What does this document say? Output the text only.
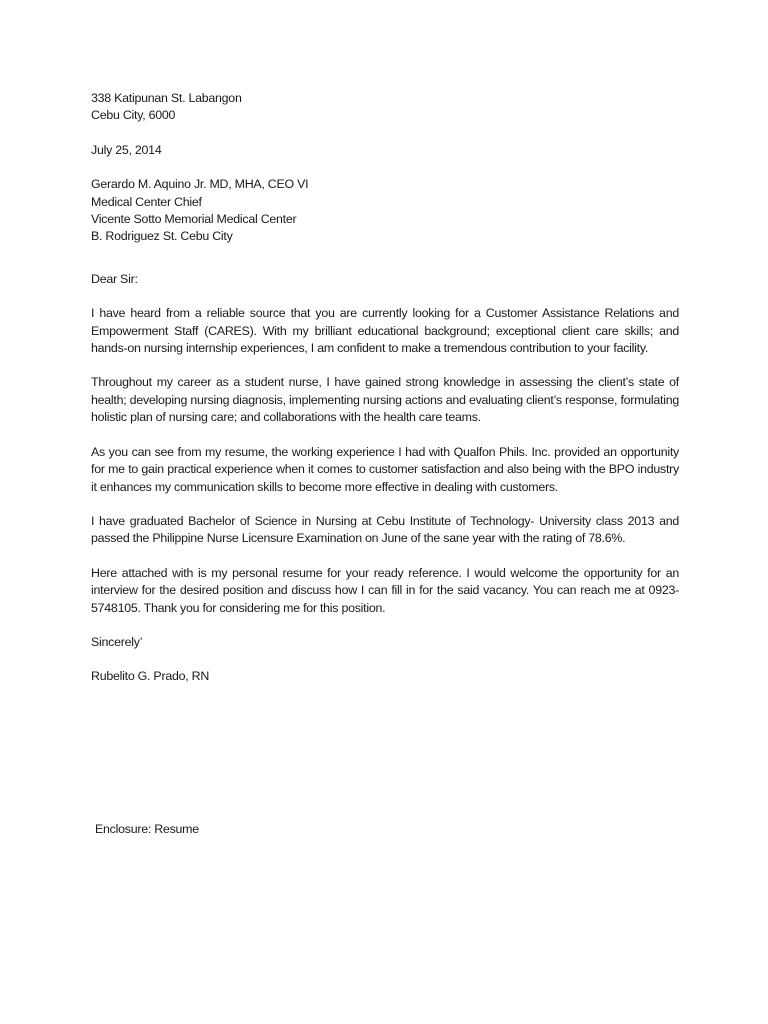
338 Katipunan St. Labangon
Cebu City, 6000
July 25, 2014
Gerardo M. Aquino Jr. MD, MHA, CEO VI
Medical Center Chief
Vicente Sotto Memorial Medical Center
B. Rodriguez St. Cebu City
Dear Sir:

I have heard from a reliable source that you are currently looking for a Customer Assistance Relations and Empowerment Staff (CARES). With my brilliant educational background; exceptional client care skills; and hands-on nursing internship experiences, I am confident to make a tremendous contribution to your facility.

Throughout my career as a student nurse, I have gained strong knowledge in assessing the client’s state of health; developing nursing diagnosis, implementing nursing actions and evaluating client’s response, formulating holistic plan of nursing care; and collaborations with the health care teams.

As you can see from my resume, the working experience I had with Qualfon Phils. Inc. provided an opportunity for me to gain practical experience when it comes to customer satisfaction and also being with the BPO industry it enhances my communication skills to become more effective in dealing with customers.

I have graduated Bachelor of Science in Nursing at Cebu Institute of Technology- University class 2013 and passed the Philippine Nurse Licensure Examination on June of the sane year with the rating of 78.6%.

Here attached with is my personal resume for your ready reference. I would welcome the opportunity for an interview for the desired position and discuss how I can fill in for the said vacancy. You can reach me at 0923-5748105. Thank you for considering me for this position.

Sincerely’
Rubelito G. Prado, RN
Enclosure: Resume
